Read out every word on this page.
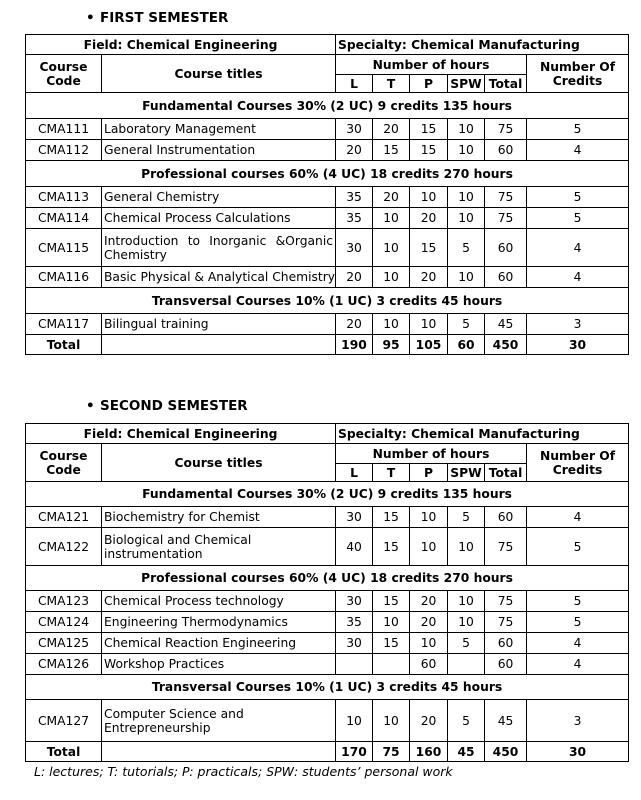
• FIRST SEMESTER
Field: Chemical Engineering		Specialty: Chemical Manufacturing					
Course Code	Course titles	Number of hours					Number Of Credits
		L	T	P	SPW	Total	
Fundamental Courses 30% (2 UC) 9 credits 135 hours							
CMA111	Laboratory Management	30	20	15	10	75	5
CMA112	General Instrumentation	20	15	15	10	60	4
Professional courses 60% (4 UC) 18 credits 270 hours							
CMA113	General Chemistry	35	20	10	10	75	5
CMA114	Chemical Process Calculations	35	10	20	10	75	5
CMA115	Introduction to Inorganic &Organic Chemistry	30	10	15	5	60	4
CMA116	Basic Physical & Analytical Chemistry	20	10	20	10	60	4
Transversal Courses 10% (1 UC) 3 credits 45 hours							
CMA117	Bilingual training	20	10	10	5	45	3
Total		190	95	105	60	450	30
• SECOND SEMESTER
Field: Chemical Engineering		Specialty: Chemical Manufacturing					
Course Code	Course titles	Number of hours					Number Of Credits
		L	T	P	SPW	Total	
Fundamental Courses 30% (2 UC) 9 credits 135 hours							
CMA121	Biochemistry for Chemist	30	15	10	5	60	4
CMA122	Biological and Chemical instrumentation	40	15	10	10	75	5
Professional courses 60% (4 UC) 18 credits 270 hours							
CMA123	Chemical Process technology	30	15	20	10	75	5
CMA124	Engineering Thermodynamics	35	10	20	10	75	5
CMA125	Chemical Reaction Engineering	30	15	10	5	60	4
CMA126	Workshop Practices			60		60	4
Transversal Courses 10% (1 UC) 3 credits 45 hours							
CMA127	Computer Science and Entrepreneurship	10	10	20	5	45	3
Total		170	75	160	45	450	30
L: lectures; T: tutorials; P: practicals; SPW: students’ personal work
